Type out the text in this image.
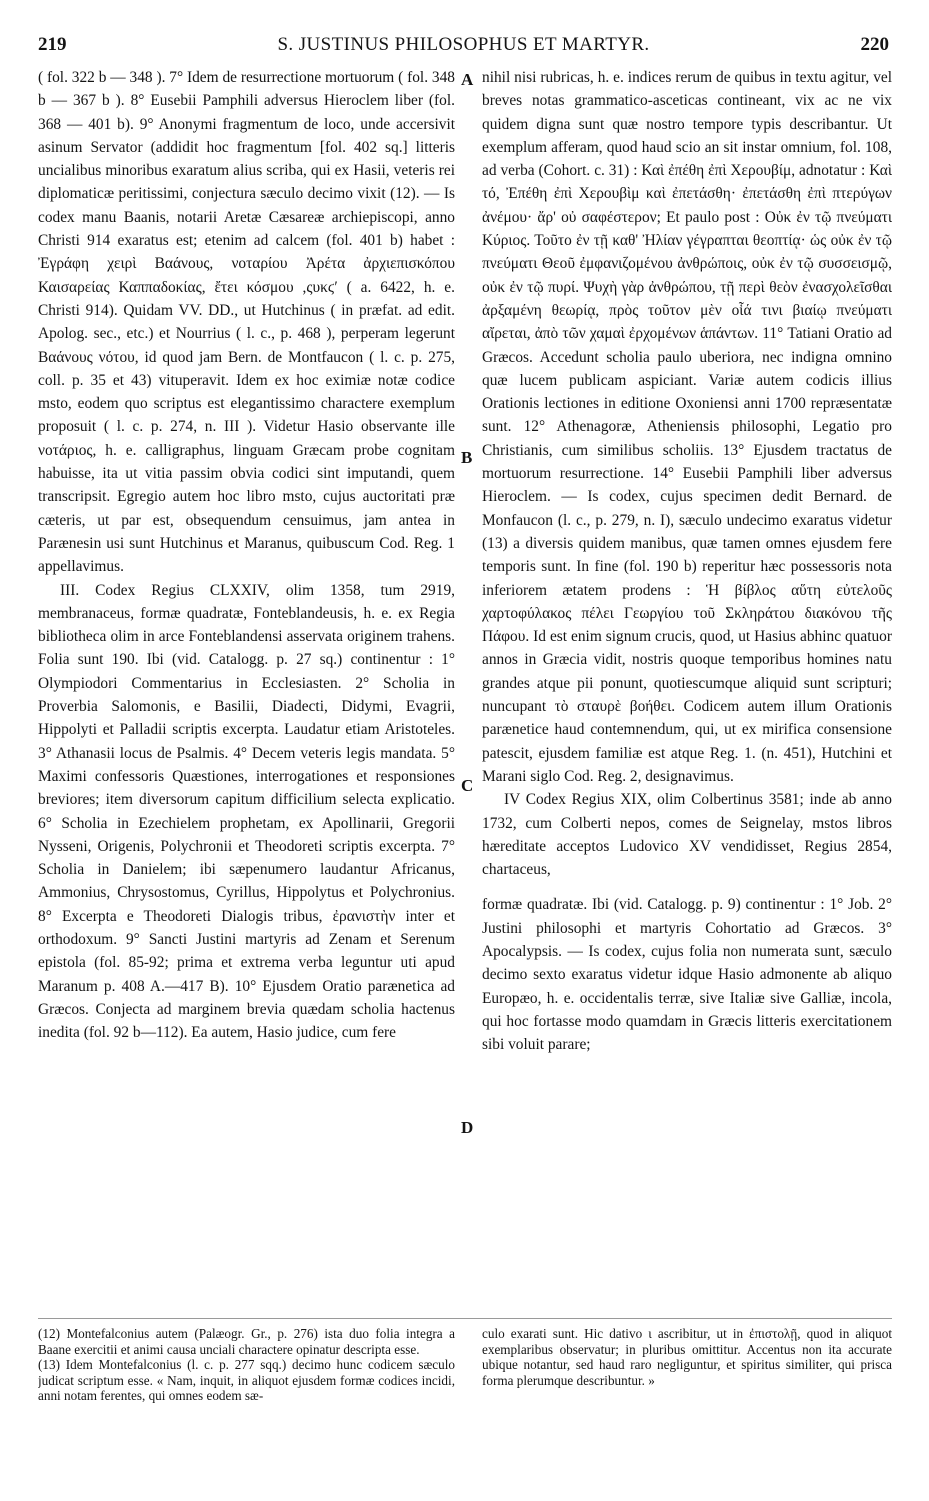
219	S. JUSTINUS PHILOSOPHUS ET MARTYR.	220

( fol. 322 b — 348 ). 7° Idem de resurrectione mortuorum ( fol. 348 b — 367 b ). 8° Eusebii Pamphili adversus Hieroclem liber (fol. 368 — 401 b). 9° Anonymi fragmentum de loco, unde accersivit asinum Servator (addidit hoc fragmentum [fol. 402 sq.] litteris uncialibus minoribus exaratum alius scriba, qui ex Hasii, veteris rei diplomaticæ peritissimi, conjectura sæculo decimo vixit (12). — Is codex manu Baanis, notarii Aretæ Cæsareæ archiepiscopi, anno Christi 914 exaratus est; etenim ad calcem (fol. 401 b) habet : Ἐγράφη χειρὶ Βαάνους, νοταρίου Ἀρέτα ἀρχιεπισκόπου Καισαρείας Καππαδοκίας, ἔτει κόσμου ,ςυκϛ′ ( a. 6422, h. e. Christi 914). Quidam VV. DD., ut Hutchinus ( in præfat. ad edit. Apolog. sec., etc.) et Nourrius ( l. c., p. 468 ), perperam legerunt Βαάνους νότου, id quod jam Bern. de Montfaucon ( l. c. p. 275, coll. p. 35 et 43) vituperavit. Idem ex hoc eximiæ notæ codice msto, eodem quo scriptus est elegantissimo charactere exemplum proposuit ( l. c. p. 274, n. III ). Videtur Hasio observante ille νοτάριος, h. e. calligraphus, linguam Græcam probe cognitam habuisse, ita ut vitia passim obvia codici sint imputandi, quem transcripsit. Egregio autem hoc libro msto, cujus auctoritati præ cæteris, ut par est, obsequendum censuimus, jam antea in Parænesin usi sunt Hutchinus et Maranus, quibuscum Cod. Reg. 1 appellavimus.

III. Codex Regius CLXXIV, olim 1358, tum 2919, membranaceus, formæ quadratæ, Fonteblandeusis, h. e. ex Regia bibliotheca olim in arce Fonteblandensi asservata originem trahens. Folia sunt 190. Ibi (vid. Catalogg. p. 27 sq.) continentur : 1° Olympiodori Commentarius in Ecclesiasten. 2° Scholia in Proverbia Salomonis, e Basilii, Diadecti, Didymi, Evagrii, Hippolyti et Palladii scriptis excerpta. Laudatur etiam Aristoteles. 3° Athanasii locus de Psalmis. 4° Decem veteris legis mandata. 5° Maximi confessoris Quæstiones, interrogationes et responsiones breviores; item diversorum capitum difficilium selecta explicatio. 6° Scholia in Ezechielem prophetam, ex Apollinarii, Gregorii Nysseni, Origenis, Polychronii et Theodoreti scriptis excerpta. 7° Scholia in Danielem; ibi sæpenumero laudantur Africanus, Ammonius, Chrysostomus, Cyrillus, Hippolytus et Polychronius. 8° Excerpta e Theodoreti Dialogis tribus, ἐρανιστὴν inter et orthodoxum. 9° Sancti Justini martyris ad Zenam et Serenum epistola (fol. 85-92; prima et extrema verba leguntur uti apud Maranum p. 408 A.—417 B). 10° Ejusdem Oratio parænetica ad Græcos. Conjecta ad marginem brevia quædam scholia hactenus inedita (fol. 92 b—112). Ea autem, Hasio judice, cum fere

A
B
C
D

nihil nisi rubricas, h. e. indices rerum de quibus in textu agitur, vel breves notas grammatico-asceticas contineant, vix ac ne vix quidem digna sunt quæ nostro tempore typis describantur. Ut exemplum afferam, quod haud scio an sit instar omnium, fol. 108, ad verba (Cohort. c. 31) : Καὶ ἐπέθη ἐπὶ Χερουβίμ, adnotatur : Καὶ τό, Ἐπέθη ἐπὶ Χερουβὶμ καὶ ἐπετάσθη· ἐπετάσθη ἐπὶ πτερύγων ἀνέμου· ἄρ' οὐ σαφέστερον; Et paulo post : Οὐκ ἐν τῷ πνεύματι Κύριος. Τοῦτο ἐν τῇ καθ' Ἠλίαν γέγραπται θεοπτίᾳ· ὡς οὐκ ἐν τῷ πνεύματι Θεοῦ ἐμφανιζομένου ἀνθρώποις, οὐκ ἐν τῷ συσσεισμῷ, οὐκ ἐν τῷ πυρί. Ψυχὴ γὰρ ἀνθρώπου, τῇ περὶ θεὸν ἐνασχολεῖσθαι ἀρξαμένη θεωρίᾳ, πρὸς τοῦτον μὲν οἷά τινι βιαίῳ πνεύματι αἴρεται, ἀπὸ τῶν χαμαὶ ἐρχομένων ἁπάντων. 11° Tatiani Oratio ad Græcos. Accedunt scholia paulo uberiora, nec indigna omnino quæ lucem publicam aspiciant. Variæ autem codicis illius Orationis lectiones in editione Oxoniensi anni 1700 repræsentatæ sunt. 12° Athenagoræ, Atheniensis philosophi, Legatio pro Christianis, cum similibus scholiis. 13° Ejusdem tractatus de mortuorum resurrectione. 14° Eusebii Pamphili liber adversus Hieroclem. — Is codex, cujus specimen dedit Bernard. de Monfaucon (l. c., p. 279, n. I), sæculo undecimo exaratus videtur (13) a diversis quidem manibus, quæ tamen omnes ejusdem fere temporis sunt. In fine (fol. 190 b) reperitur hæc possessoris nota inferiorem ætatem prodens : Ἡ βίβλος αὕτη εὐτελοῦς χαρτοφύλακος πέλει Γεωργίου τοῦ Σκληράτου διακόνου τῆς Πάφου. Id est enim signum crucis, quod, ut Hasius abhinc quatuor annos in Græcia vidit, nostris quoque temporibus homines natu grandes atque pii ponunt, quotiescumque aliquid sunt scripturi; nuncupant τὸ σταυρὲ βοήθει. Codicem autem illum Orationis parænetice haud contemnendum, qui, ut ex mirifica consensione patescit, ejusdem familiæ est atque Reg. 1. (n. 451), Hutchini et Marani siglo Cod. Reg. 2, designavimus.

IV Codex Regius XIX, olim Colbertinus 3581; inde ab anno 1732, cum Colberti nepos, comes de Seignelay, mstos libros hæreditate acceptos Ludovico XV vendidisset, Regius 2854, chartaceus,

formæ quadratæ. Ibi (vid. Catalogg. p. 9) continentur : 1° Job. 2° Justini philosophi et martyris Cohortatio ad Græcos. 3° Apocalypsis. — Is codex, cujus folia non numerata sunt, sæculo decimo sexto exaratus videtur idque Hasio admonente ab aliquo Europæo, h. e. occidentalis terræ, sive Italiæ sive Galliæ, incola, qui hoc fortasse modo quamdam in Græcis litteris exercitationem sibi voluit parare;

(12) Montefalconius autem (Palæogr. Gr., p. 276) ista duo folia integra a Baane exercitii et animi causa unciali charactere opinatur descripta esse.

(13) Idem Montefalconius (l. c. p. 277 sqq.) decimo hunc codicem sæculo judicat scriptum esse. « Nam, inquit, in aliquot ejusdem formæ codices incidi, anni notam ferentes, qui omnes eodem sæ-

culo exarati sunt. Hic dativo ι ascribitur, ut in ἐπιστολῇ, quod in aliquot exemplaribus observatur; in pluribus omittitur. Accentus non ita accurate ubique notantur, sed haud raro negliguntur, et spiritus similiter, qui prisca forma plerumque describuntur. »
